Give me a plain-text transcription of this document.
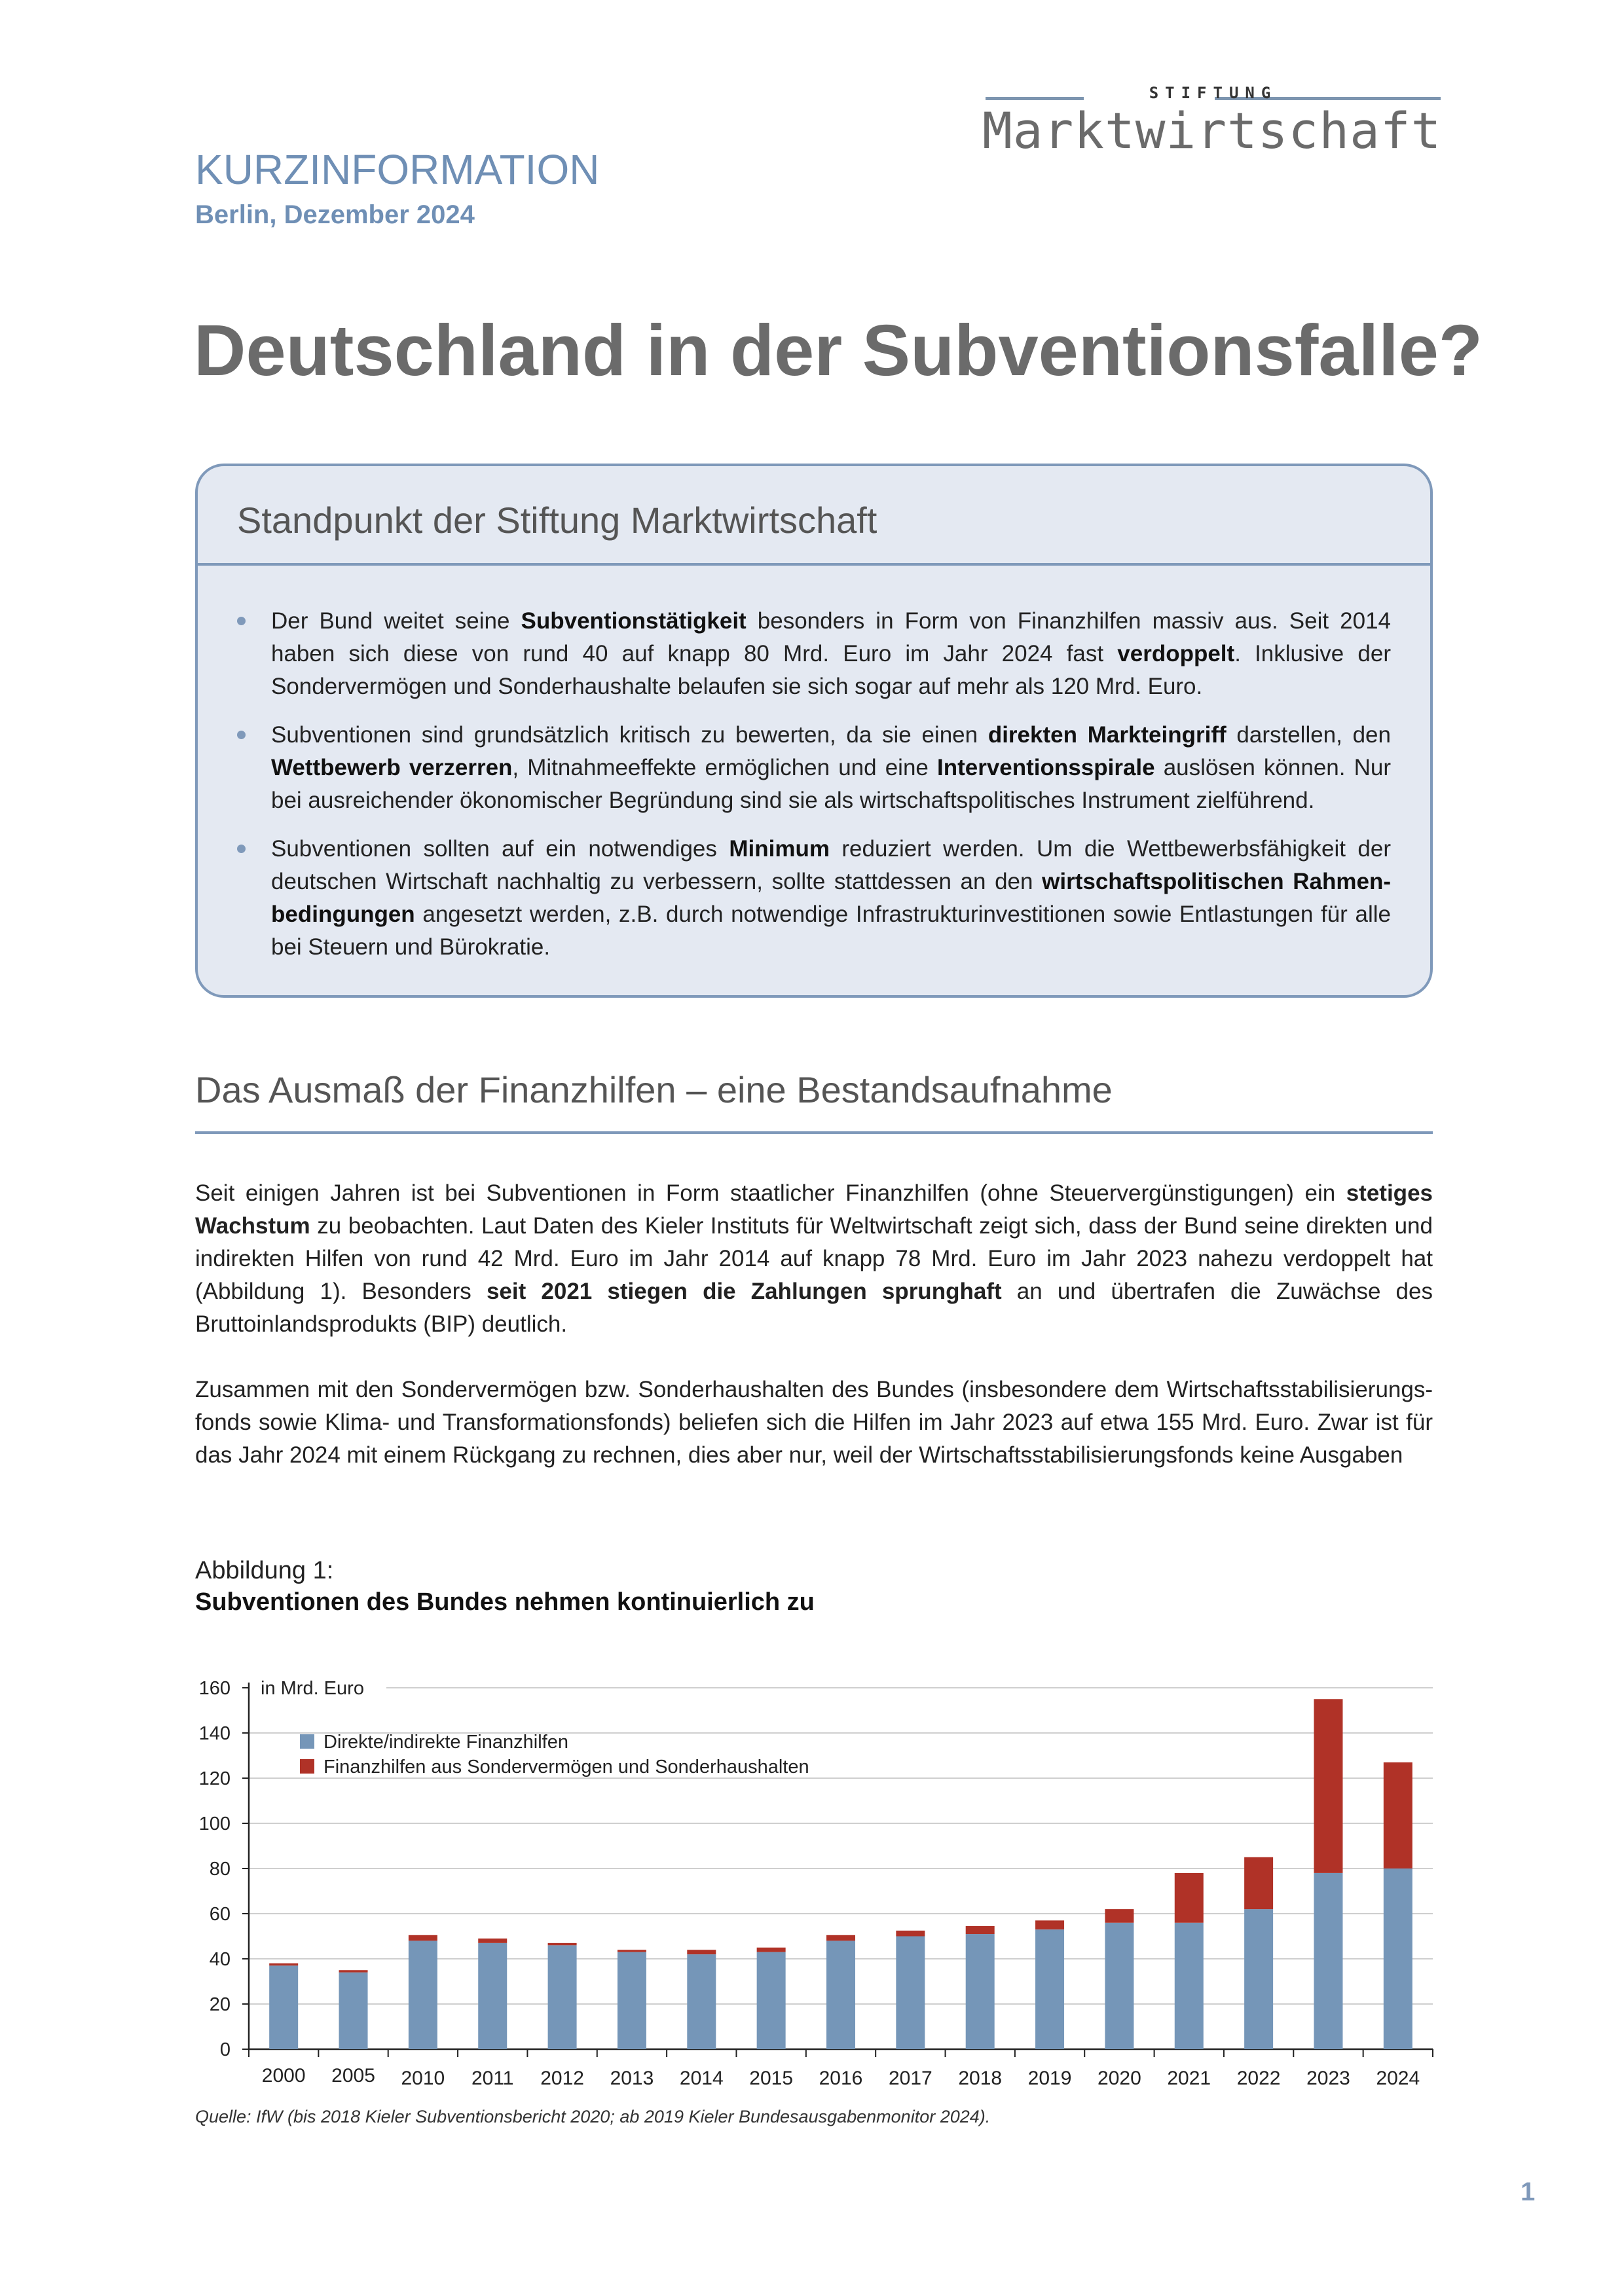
STIFTUNG
Marktwirtschaft
KURZINFORMATION
Berlin, Dezember 2024
Deutschland in der Subventionsfalle?
Standpunkt der Stiftung Marktwirtschaft
Der Bund weitet seine Subventionstätigkeit besonders in Form von Finanzhilfen massiv aus. Seit 2014 haben sich diese von rund 40 auf knapp 80 Mrd. Euro im Jahr 2024 fast verdoppelt. Inklusive der Sondervermögen und Sonderhaushalte belaufen sie sich sogar auf mehr als 120 Mrd. Euro.
Subventionen sind grundsätzlich kritisch zu bewerten, da sie einen direkten Markteingriff darstellen, den Wettbewerb verzerren, Mitnahmeeffekte ermöglichen und eine Interventionsspirale auslösen können. Nur bei ausreichender ökonomischer Begründung sind sie als wirtschaftspolitisches Instrument zielführend.
Subventionen sollten auf ein notwendiges Minimum reduziert werden. Um die Wettbewerbsfähigkeit der deutschen Wirtschaft nachhaltig zu verbessern, sollte stattdessen an den wirtschaftspolitischen Rahmenbedingungen angesetzt werden, z.B. durch notwendige Infrastrukturinvestitionen sowie Entlastungen für alle bei Steuern und Bürokratie.
Das Ausmaß der Finanzhilfen – eine Bestandsaufnahme
Seit einigen Jahren ist bei Subventionen in Form staatlicher Finanzhilfen (ohne Steuervergünstigungen) ein stetiges Wachstum zu beobachten. Laut Daten des Kieler Instituts für Weltwirtschaft zeigt sich, dass der Bund seine direkten und indirekten Hilfen von rund 42 Mrd. Euro im Jahr 2014 auf knapp 78 Mrd. Euro im Jahr 2023 nahezu verdoppelt hat (Abbildung 1). Besonders seit 2021 stiegen die Zahlungen sprunghaft an und übertrafen die Zuwächse des Bruttoinlandsprodukts (BIP) deutlich.
Zusammen mit den Sondervermögen bzw. Sonderhaushalten des Bundes (insbesondere dem Wirtschaftsstabilisierungsfonds sowie Klima- und Transformationsfonds) beliefen sich die Hilfen im Jahr 2023 auf etwa 155 Mrd. Euro. Zwar ist für das Jahr 2024 mit einem Rückgang zu rechnen, dies aber nur, weil der Wirtschaftsstabilisierungsfonds keine Ausgaben
Abbildung 1:
Subventionen des Bundes nehmen kontinuierlich zu
0
20
40
60
80
100
120
140
160 in Mrd. Euro
2000 2005 2010 2011 2012 2013 2014 2015 2016 2017 2018 2019 2020 2021 2022 2023 2024
Direkte/indirekte Finanzhilfen
Finanzhilfen aus Sondervermögen und Sonderhaushalten
Quelle: IfW (bis 2018 Kieler Subventionsbericht 2020; ab 2019 Kieler Bundesausgabenmonitor 2024).
1
